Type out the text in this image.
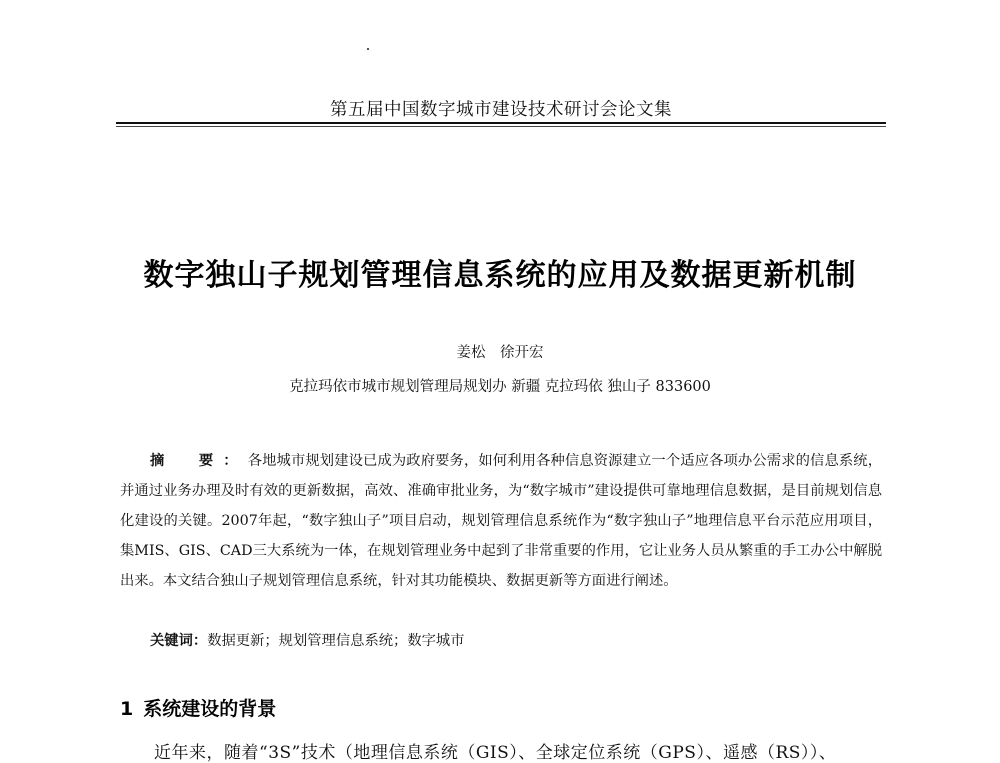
第五届中国数字城市建设技术研讨会论文集
数字独山子规划管理信息系统的应用及数据更新机制
姜松　徐开宏
克拉玛依市城市规划管理局规划办 新疆 克拉玛依 独山子 833600
摘　要：各地城市规划建设已成为政府要务，如何利用各种信息资源建立一个适应各项办公需求的信息系统，并通过业务办理及时有效的更新数据，高效、准确审批业务，为“数字城市”建设提供可靠地理信息数据，是目前规划信息化建设的关键。2007年起，“数字独山子”项目启动，规划管理信息系统作为“数字独山子”地理信息平台示范应用项目，集MIS、GIS、CAD三大系统为一体，在规划管理业务中起到了非常重要的作用，它让业务人员从繁重的手工办公中解脱出来。本文结合独山子规划管理信息系统，针对其功能模块、数据更新等方面进行阐述。
关键词：数据更新；规划管理信息系统；数字城市
1 系统建设的背景
近年来，随着“3S”技术（地理信息系统（GIS）、全球定位系统（GPS）、遥感（RS））、
